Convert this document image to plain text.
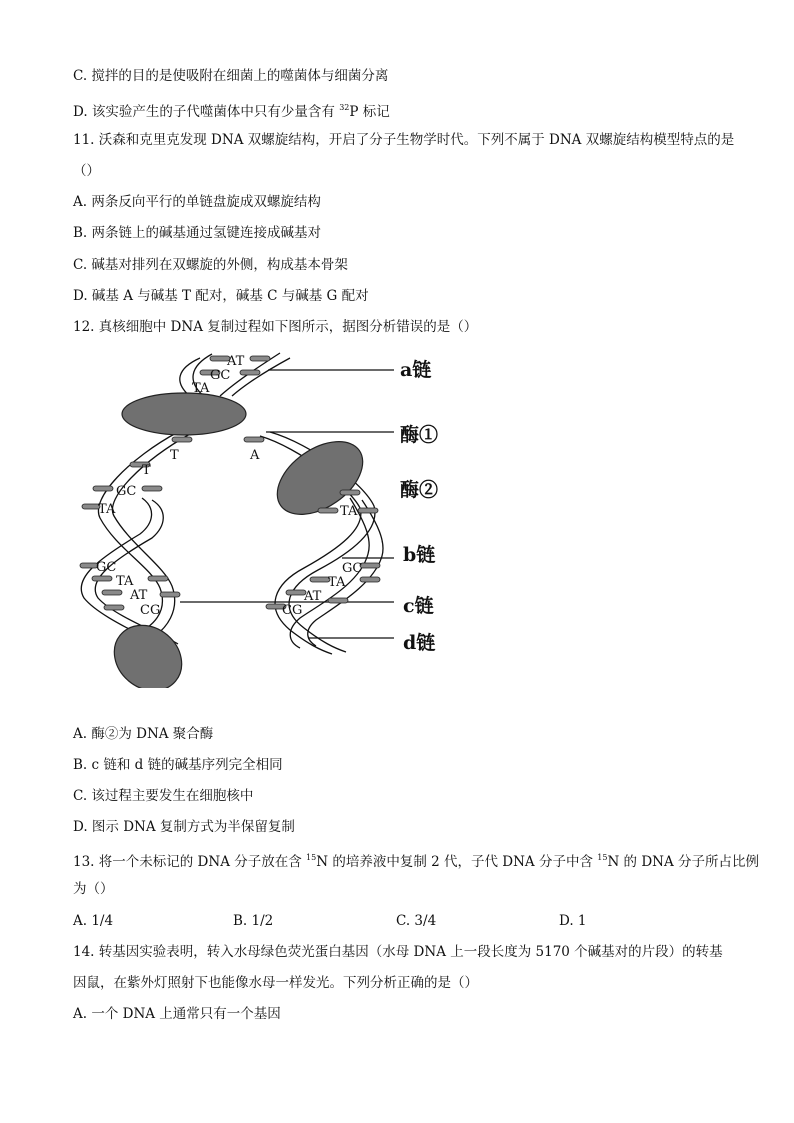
C. 搅拌的目的是使吸附在细菌上的噬菌体与细菌分离
D. 该实验产生的子代噬菌体中只有少量含有 $^{32}$P 标记
11. 沃森和克里克发现 DNA 双螺旋结构，开启了分子生物学时代。下列不属于 DNA 双螺旋结构模型特点的是
（）
A. 两条反向平行的单链盘旋成双螺旋结构
B. 两条链上的碱基通过氢键连接成碱基对
C. 碱基对排列在双螺旋的外侧，构成基本骨架
D. 碱基 A 与碱基 T 配对，碱基 C 与碱基 G 配对
12. 真核细胞中 DNA 复制过程如下图所示，据图分析错误的是（）
AT
GC
TA
T
T
A
GC
TA	TA
GC
TA
AT
CG
GC
TA
AT
CG
a链
酶①
酶②
b链
c链
d链
A. 酶②为 DNA 聚合酶
B. c 链和 d 链的碱基序列完全相同
C. 该过程主要发生在细胞核中
D. 图示 DNA 复制方式为半保留复制
13. 将一个未标记的 DNA 分子放在含 $^{15}$N 的培养液中复制 2 代，子代 DNA 分子中含 $^{15}$N 的 DNA 分子所占比例
为（）
A. 1/4	B. 1/2	C. 3/4	D. 1
14. 转基因实验表明，转入水母绿色荧光蛋白基因（水母 DNA 上一段长度为 5170 个碱基对的片段）的转基
因鼠，在紫外灯照射下也能像水母一样发光。下列分析正确的是（）
A. 一个 DNA 上通常只有一个基因
